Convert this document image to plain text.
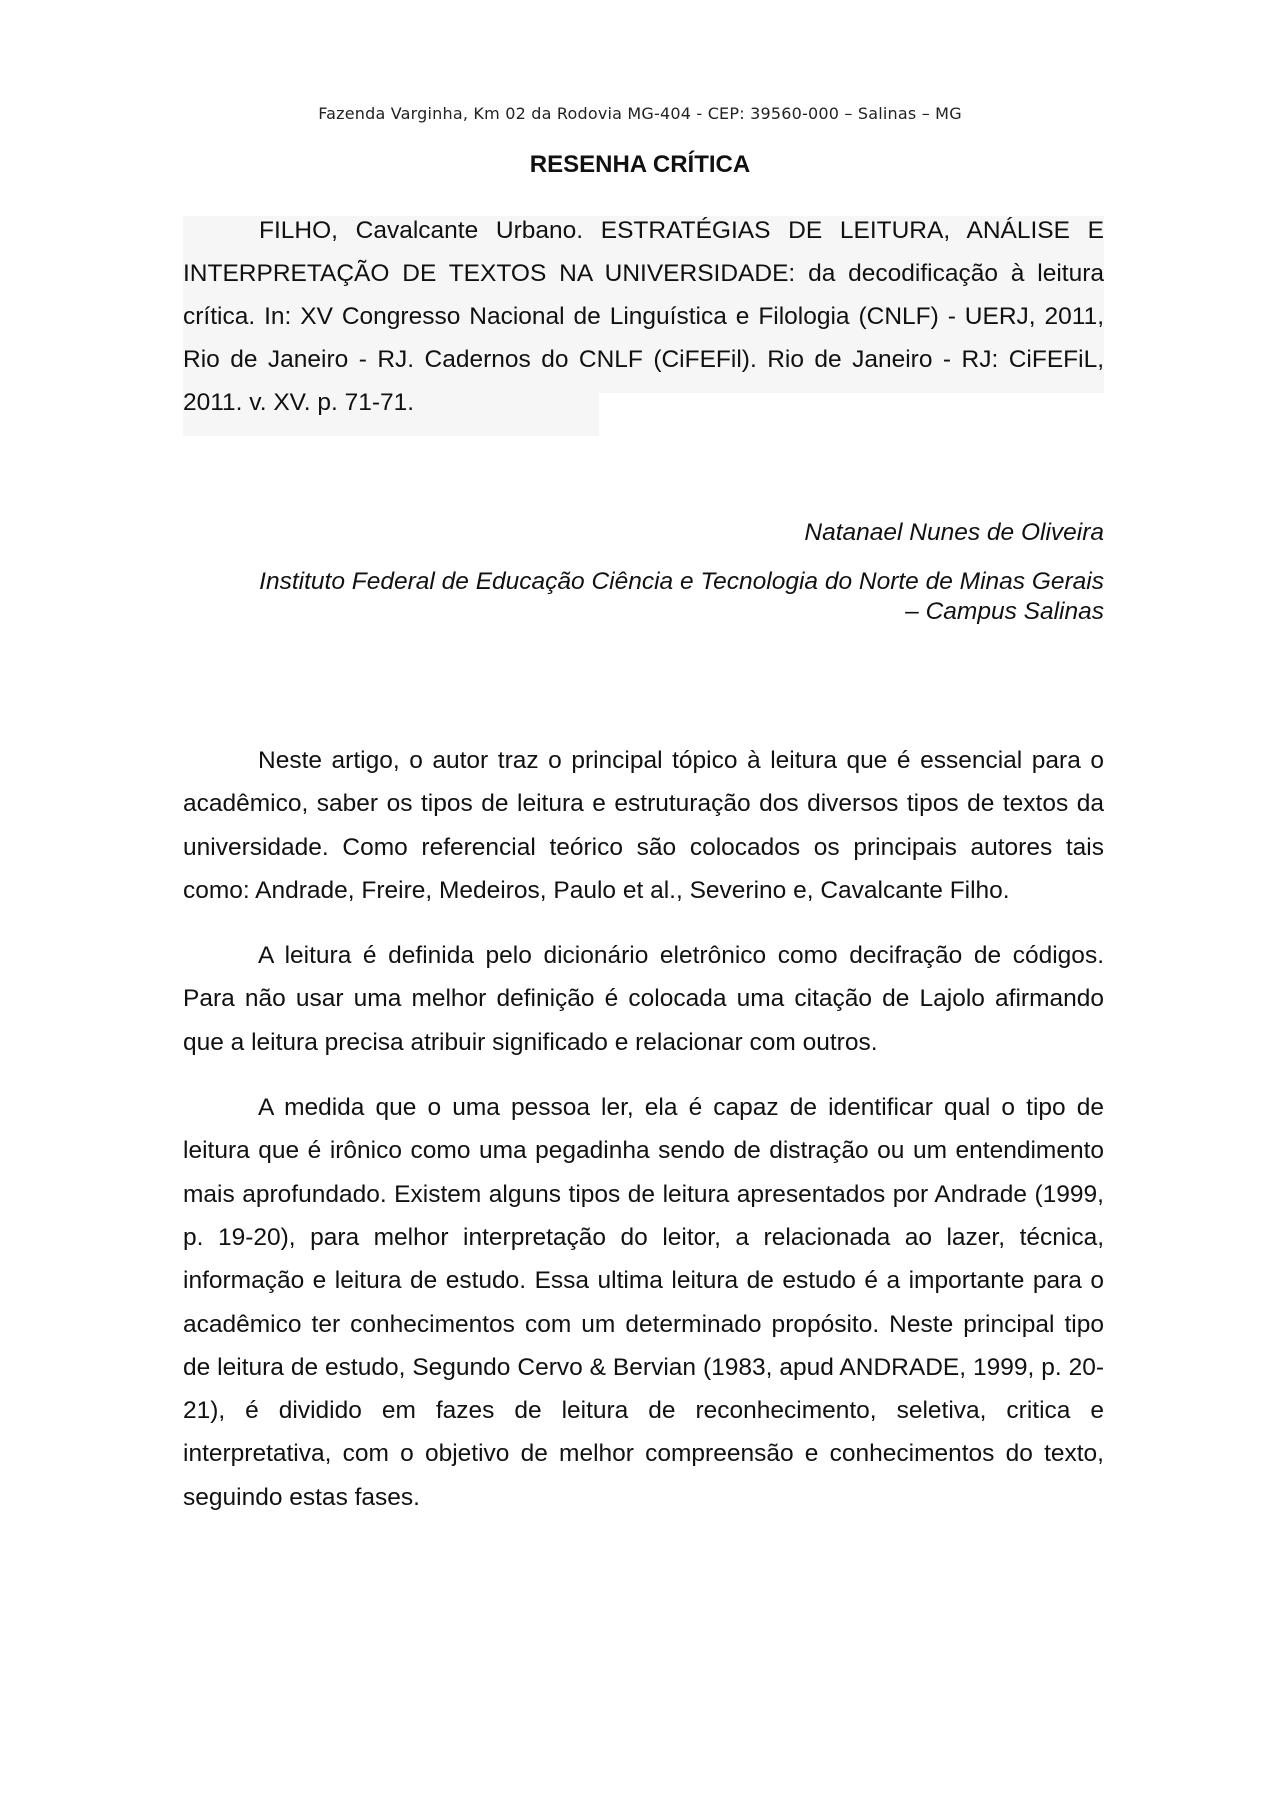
Fazenda Varginha, Km 02 da Rodovia MG-404 - CEP: 39560-000 – Salinas – MG
RESENHA CRÍTICA

FILHO, Cavalcante Urbano. ESTRATÉGIAS DE LEITURA, ANÁLISE E INTERPRETAÇÃO DE TEXTOS NA UNIVERSIDADE: da decodificação à leitura crítica. In: XV Congresso Nacional de Linguística e Filologia (CNLF) - UERJ, 2011, Rio de Janeiro - RJ. Cadernos do CNLF (CiFEFil). Rio de Janeiro - RJ: CiFEFiL, 2011. v. XV. p. 71-71.

Natanael Nunes de Oliveira

Instituto Federal de Educação Ciência e Tecnologia do Norte de Minas Gerais
– Campus Salinas

Neste artigo, o autor traz o principal tópico à leitura que é essencial para o acadêmico, saber os tipos de leitura e estruturação dos diversos tipos de textos da universidade. Como referencial teórico são colocados os principais autores tais como: Andrade, Freire, Medeiros, Paulo et al., Severino e, Cavalcante Filho.

A leitura é definida pelo dicionário eletrônico como decifração de códigos. Para não usar uma melhor definição é colocada uma citação de Lajolo afirmando que a leitura precisa atribuir significado e relacionar com outros.

A medida que o uma pessoa ler, ela é capaz de identificar qual o tipo de leitura que é irônico como uma pegadinha sendo de distração ou um entendimento mais aprofundado. Existem alguns tipos de leitura apresentados por Andrade (1999, p. 19-20), para melhor interpretação do leitor, a relacionada ao lazer, técnica, informação e leitura de estudo. Essa ultima leitura de estudo é a importante para o acadêmico ter conhecimentos com um determinado propósito. Neste principal tipo de leitura de estudo, Segundo Cervo & Bervian (1983, apud ANDRADE, 1999, p. 20- 21), é dividido em fazes de leitura de reconhecimento, seletiva, critica e interpretativa, com o objetivo de melhor compreensão e conhecimentos do texto, seguindo estas fases.
